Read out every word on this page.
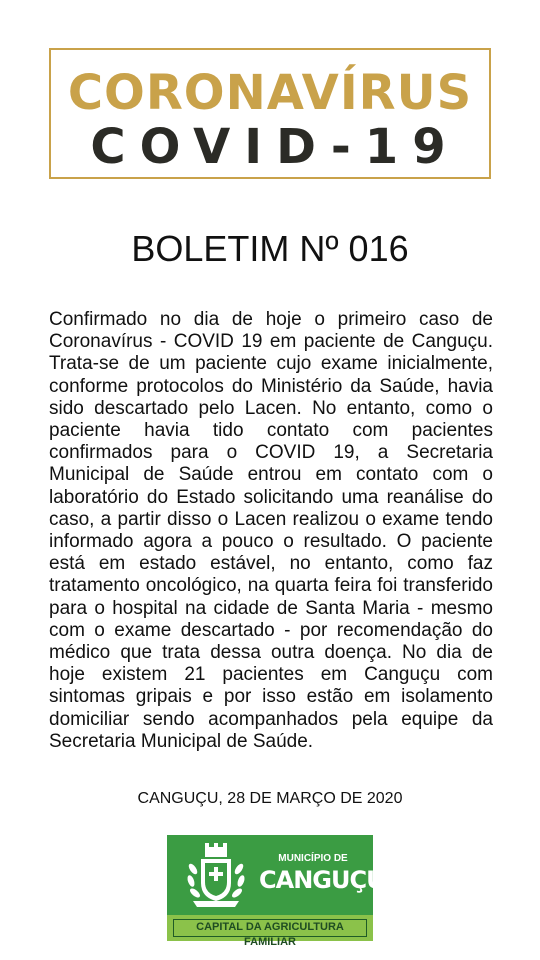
CORONAVÍRUS
COVID-19
BOLETIM Nº 016
Confirmado no dia de hoje o primeiro caso de Coronavírus - COVID 19 em paciente de Canguçu. Trata-se de um paciente cujo exame inicialmente, conforme protocolos do Ministério da Saúde, havia sido descartado pelo Lacen. No entanto, como o paciente havia tido contato com pacientes confirmados para o COVID 19, a Secretaria Municipal de Saúde entrou em contato com o laboratório do Estado solicitando uma reanálise do caso, a partir disso o Lacen realizou o exame tendo informado agora a pouco o resultado. O paciente está em estado estável, no entanto, como faz tratamento oncológico, na quarta feira foi transferido para o hospital na cidade de Santa Maria - mesmo com o exame descartado - por recomendação do médico que trata dessa outra doença. No dia de hoje existem 21 pacientes em Canguçu com sintomas gripais e por isso estão em isolamento domiciliar sendo acompanhados pela equipe da Secretaria Municipal de Saúde.
CANGUÇU, 28 DE MARÇO DE 2020
MUNICÍPIO DE
CANGUÇU
CAPITAL DA AGRICULTURA FAMILIAR
